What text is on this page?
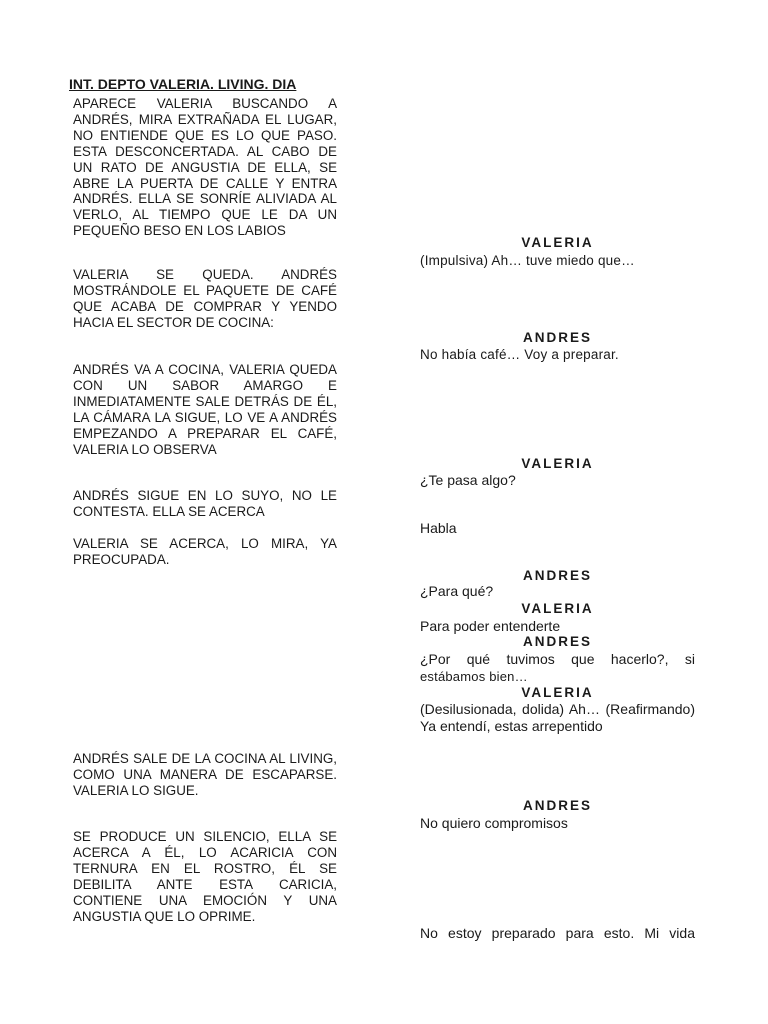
INT. DEPTO VALERIA. LIVING. DIA
APARECE VALERIA BUSCANDO A ANDRÉS, MIRA EXTRAÑADA EL LUGAR, NO ENTIENDE QUE ES LO QUE PASO. ESTA DESCONCERTADA. AL CABO DE UN RATO DE ANGUSTIA DE ELLA, SE ABRE LA PUERTA DE CALLE Y ENTRA ANDRÉS. ELLA SE SONRÍE ALIVIADA AL VERLO, AL TIEMPO QUE LE DA UN PEQUEÑO BESO EN LOS LABIOS
VALERIA SE QUEDA. ANDRÉS MOSTRÁNDOLE EL PAQUETE DE CAFÉ QUE ACABA DE COMPRAR Y YENDO HACIA EL SECTOR DE COCINA:
ANDRÉS VA A COCINA, VALERIA QUEDA CON UN SABOR AMARGO E INMEDIATAMENTE SALE DETRÁS DE ÉL, LA CÁMARA LA SIGUE, LO VE A ANDRÉS EMPEZANDO A PREPARAR EL CAFÉ, VALERIA LO OBSERVA
ANDRÉS SIGUE EN LO SUYO, NO LE CONTESTA. ELLA SE ACERCA
VALERIA SE ACERCA, LO MIRA, YA PREOCUPADA.
ANDRÉS SALE DE LA COCINA AL LIVING, COMO UNA MANERA DE ESCAPARSE. VALERIA LO SIGUE.
SE PRODUCE UN SILENCIO, ELLA SE ACERCA A ÉL, LO ACARICIA CON TERNURA EN EL ROSTRO, ÉL SE DEBILITA ANTE ESTA CARICIA, CONTIENE UNA EMOCIÓN Y UNA ANGUSTIA QUE LO OPRIME.
VALERIA
(Impulsiva) Ah… tuve miedo que…
ANDRES
No había café… Voy a preparar.
VALERIA
¿Te pasa algo?
Habla
ANDRES
¿Para qué?
VALERIA
Para poder entenderte
ANDRES
¿Por qué tuvimos que hacerlo?, si
estábamos bien…
VALERIA
(Desilusionada, dolida) Ah… (Reafirmando) Ya entendí, estas arrepentido
ANDRES
No quiero compromisos
No estoy preparado para esto. Mi vida
